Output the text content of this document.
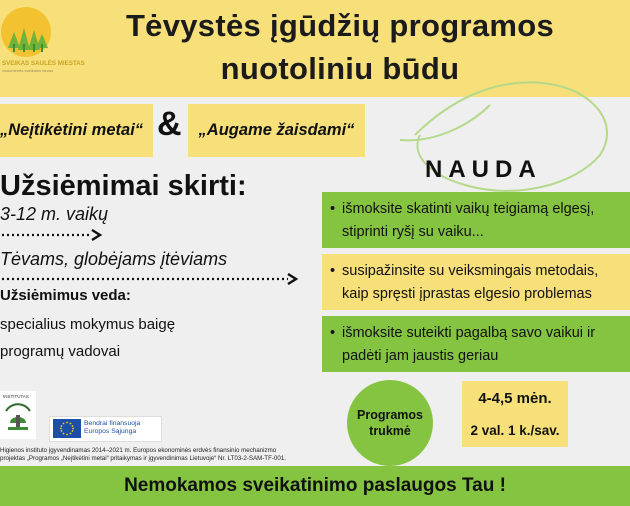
SVEIKAS SAULĖS MIESTAS
visuomenės sveikatos biuras
Tėvystės įgūdžių programos
nuotoliniu būdu
„Neįtikėtini metai“ &	„Augame žaisdami“
Užsiėmimai skirti:
3-12 m. vaikų
Tėvams, globėjams įtėviams
Užsiėmimus veda:
specialius mokymus baigę
programų vadovai
NAUDA
• išmoksite skatinti vaikų teigiamą elgesį,
stiprinti ryšį su vaiku...
• susipažinsite su veiksmingais metodais,
kaip spręsti įprastas elgesio problemas
• išmoksite suteikti pagalbą savo vaikui ir
padėti jam jaustis geriau
Programos
trukmė
4-4,5 mėn.
2 val. 1 k./sav.
INSTITUTAS
Bendrai finansuoja
Europos Sąjunga
Higienos instituto įgyvendinamas 2014–2021 m. Europos ekonominės erdvės finansinio mechanizmo
projektas „Programos „Neįtikėtini metai“ pritaikymas ir įgyvendinimas Lietuvoje“ Nr. LT03-2-SAM-TF-001.
Nemokamos sveikatinimo paslaugos Tau !
